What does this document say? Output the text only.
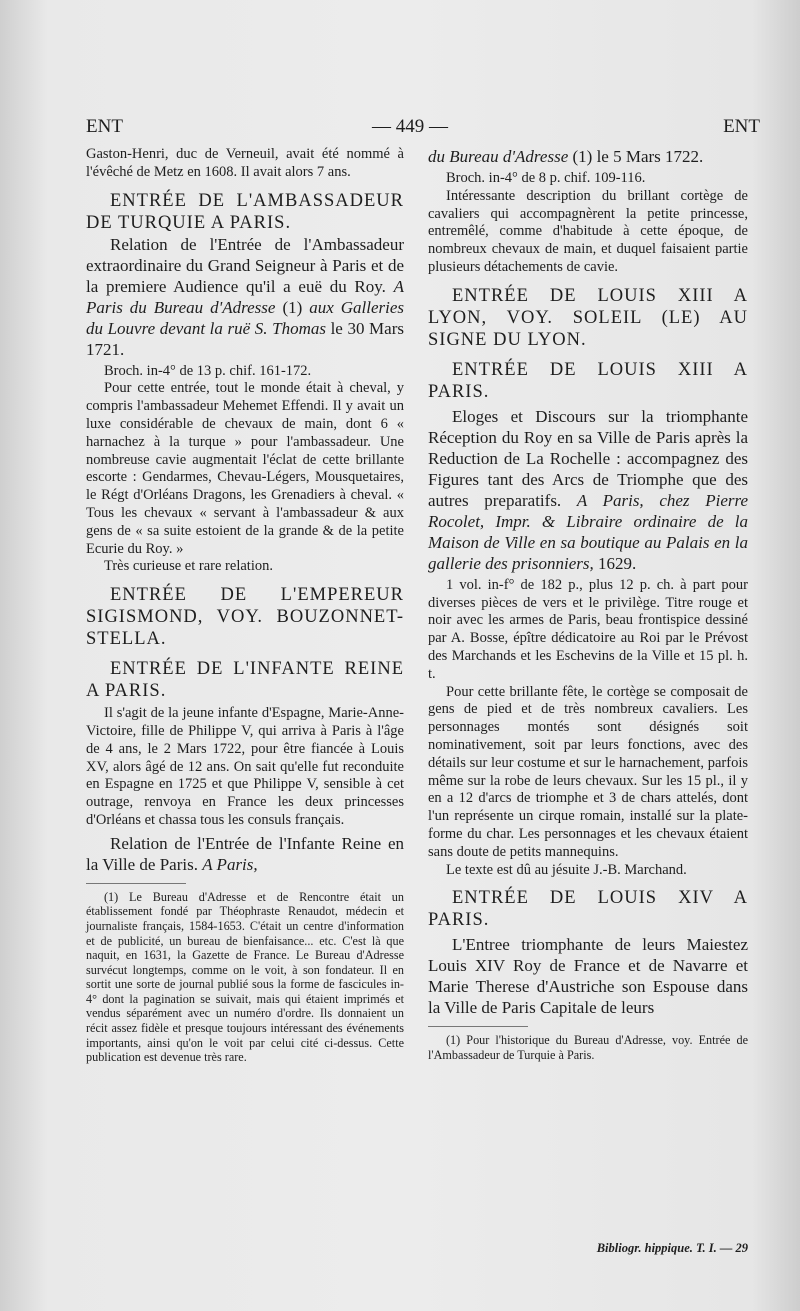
ENT	— 449 —	ENT

Gaston-Henri, duc de Verneuil, avait été nommé à l'évêché de Metz en 1608. Il avait alors 7 ans.

ENTRÉE DE L'AMBASSADEUR DE TURQUIE A PARIS.

Relation de l'Entrée de l'Ambassadeur extraordinaire du Grand Seigneur à Paris et de la premiere Audience qu'il a euë du Roy. A Paris du Bureau d'Adresse (1) aux Galleries du Louvre devant la ruë S. Thomas le 30 Mars 1721.

Broch. in-4° de 13 p. chif. 161-172.

Pour cette entrée, tout le monde était à cheval, y compris l'ambassadeur Mehemet Effendi. Il y avait un luxe considérable de chevaux de main, dont 6 « harnachez à la turque » pour l'ambassadeur. Une nombreuse cavie augmentait l'éclat de cette brillante escorte : Gendarmes, Chevau-Légers, Mousquetaires, le Régt d'Orléans Dragons, les Grenadiers à cheval. « Tous les chevaux « servant à l'ambassadeur & aux gens de « sa suite estoient de la grande & de la petite Ecurie du Roy. »

Très curieuse et rare relation.

ENTRÉE DE L'EMPEREUR SIGISMOND, VOY. BOUZONNET-STELLA.

ENTRÉE DE L'INFANTE REINE A PARIS.

Il s'agit de la jeune infante d'Espagne, Marie-Anne-Victoire, fille de Philippe V, qui arriva à Paris à l'âge de 4 ans, le 2 Mars 1722, pour être fiancée à Louis XV, alors âgé de 12 ans. On sait qu'elle fut reconduite en Espagne en 1725 et que Philippe V, sensible à cet outrage, renvoya en France les deux princesses d'Orléans et chassa tous les consuls français.

Relation de l'Entrée de l'Infante Reine en la Ville de Paris. A Paris,

(1) Le Bureau d'Adresse et de Rencontre était un établissement fondé par Théophraste Renaudot, médecin et journaliste français, 1584-1653. C'était un centre d'information et de publicité, un bureau de bienfaisance... etc. C'est là que naquit, en 1631, la Gazette de France. Le Bureau d'Adresse survécut longtemps, comme on le voit, à son fondateur. Il en sortit une sorte de journal publié sous la forme de fascicules in-4° dont la pagination se suivait, mais qui étaient imprimés et vendus séparément avec un numéro d'ordre. Ils donnaient un récit assez fidèle et presque toujours intéressant des événements importants, ainsi qu'on le voit par celui cité ci-dessus. Cette publication est devenue très rare.

du Bureau d'Adresse (1) le 5 Mars 1722.

Broch. in-4° de 8 p. chif. 109-116.

Intéressante description du brillant cortège de cavaliers qui accompagnèrent la petite princesse, entremêlé, comme d'habitude à cette époque, de nombreux chevaux de main, et duquel faisaient partie plusieurs détachements de cavie.

ENTRÉE DE LOUIS XIII A LYON, VOY. SOLEIL (LE) AU SIGNE DU LYON.

ENTRÉE DE LOUIS XIII A PARIS.

Eloges et Discours sur la triomphante Réception du Roy en sa Ville de Paris après la Reduction de La Rochelle : accompagnez des Figures tant des Arcs de Triomphe que des autres preparatifs. A Paris, chez Pierre Rocolet, Impr. & Libraire ordinaire de la Maison de Ville en sa boutique au Palais en la gallerie des prisonniers, 1629.

1 vol. in-f° de 182 p., plus 12 p. ch. à part pour diverses pièces de vers et le privilège. Titre rouge et noir avec les armes de Paris, beau frontispice dessiné par A. Bosse, épître dédicatoire au Roi par le Prévost des Marchands et les Eschevins de la Ville et 15 pl. h. t.

Pour cette brillante fête, le cortège se composait de gens de pied et de très nombreux cavaliers. Les personnages montés sont désignés soit nominativement, soit par leurs fonctions, avec des détails sur leur costume et sur le harnachement, parfois même sur la robe de leurs chevaux. Sur les 15 pl., il y en a 12 d'arcs de triomphe et 3 de chars attelés, dont l'un représente un cirque romain, installé sur la plate-forme du char. Les personnages et les chevaux étaient sans doute de petits mannequins.

Le texte est dû au jésuite J.-B. Marchand.

ENTRÉE DE LOUIS XIV A PARIS.

L'Entree triomphante de leurs Maiestez Louis XIV Roy de France et de Navarre et Marie Therese d'Austriche son Espouse dans la Ville de Paris Capitale de leurs

(1) Pour l'historique du Bureau d'Adresse, voy. Entrée de l'Ambassadeur de Turquie à Paris.

Bibliogr. hippique. T. I. — 29
